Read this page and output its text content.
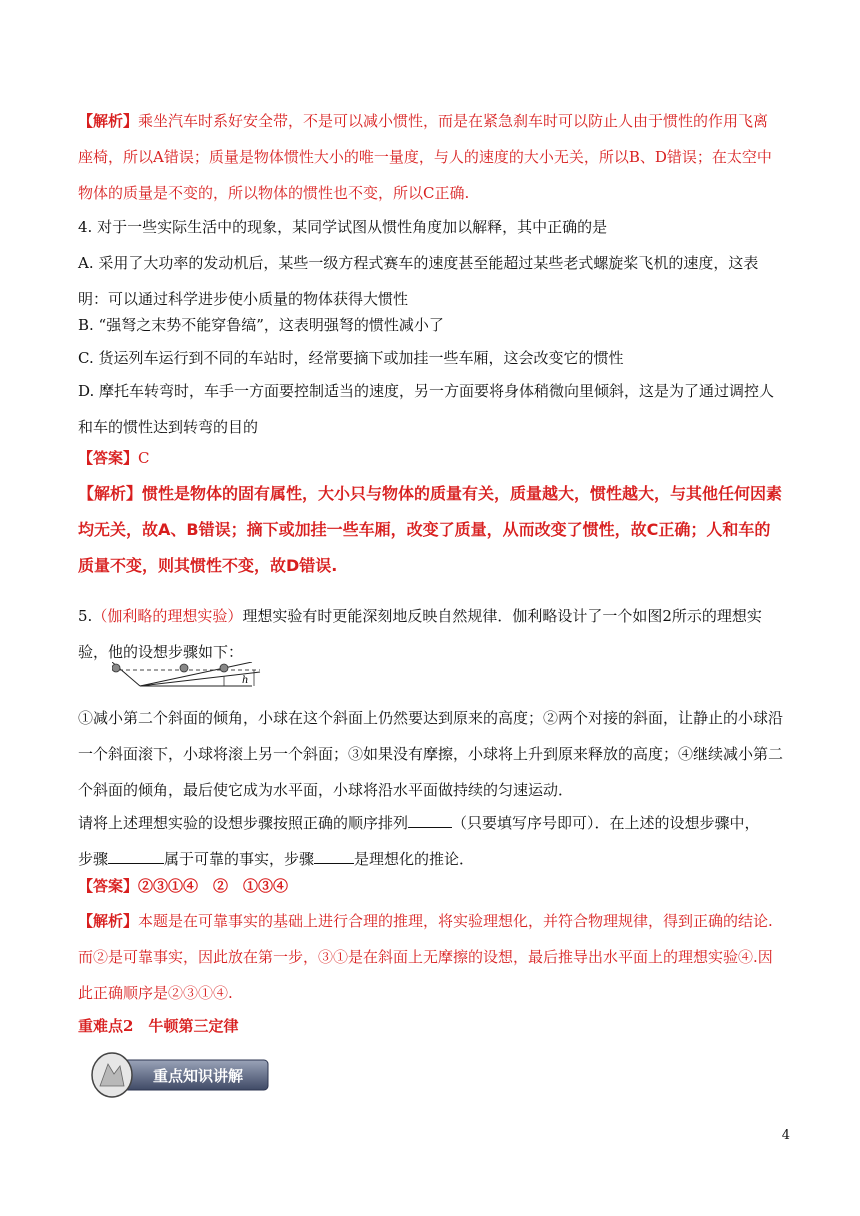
【解析】乘坐汽车时系好安全带，不是可以减小惯性，而是在紧急刹车时可以防止人由于惯性的作用飞离座椅，所以A错误；质量是物体惯性大小的唯一量度，与人的速度的大小无关，所以B、D错误；在太空中物体的质量是不变的，所以物体的惯性也不变，所以C正确.

4. 对于一些实际生活中的现象，某同学试图从惯性角度加以解释，其中正确的是

A. 采用了大功率的发动机后，某些一级方程式赛车的速度甚至能超过某些老式螺旋桨飞机的速度，这表明：可以通过科学进步使小质量的物体获得大惯性

B. “强弩之末势不能穿鲁缟”，这表明强弩的惯性减小了

C. 货运列车运行到不同的车站时，经常要摘下或加挂一些车厢，这会改变它的惯性

D. 摩托车转弯时，车手一方面要控制适当的速度，另一方面要将身体稍微向里倾斜，这是为了通过调控人和车的惯性达到转弯的目的

【答案】C

【解析】惯性是物体的固有属性，大小只与物体的质量有关，质量越大，惯性越大，与其他任何因素均无关，故A、B错误；摘下或加挂一些车厢，改变了质量，从而改变了惯性，故C正确；人和车的质量不变，则其惯性不变，故D错误.

5.（伽利略的理想实验）理想实验有时更能深刻地反映自然规律．伽利略设计了一个如图2所示的理想实验，他的设想步骤如下：

h

①减小第二个斜面的倾角，小球在这个斜面上仍然要达到原来的高度；②两个对接的斜面，让静止的小球沿一个斜面滚下，小球将滚上另一个斜面；③如果没有摩擦，小球将上升到原来释放的高度；④继续减小第二个斜面的倾角，最后使它成为水平面，小球将沿水平面做持续的匀速运动．

请将上述理想实验的设想步骤按照正确的顺序排列	（只要填写序号即可）．在上述的设想步骤中，
步骤	属于可靠的事实，步骤	是理想化的推论．

【答案】②③①④　②　①③④

【解析】本题是在可靠事实的基础上进行合理的推理，将实验理想化，并符合物理规律，得到正确的结论.而②是可靠事实，因此放在第一步，③①是在斜面上无摩擦的设想，最后推导出水平面上的理想实验④.因此正确顺序是②③①④.

重难点2　牛顿第三定律

重点知识讲解
4
